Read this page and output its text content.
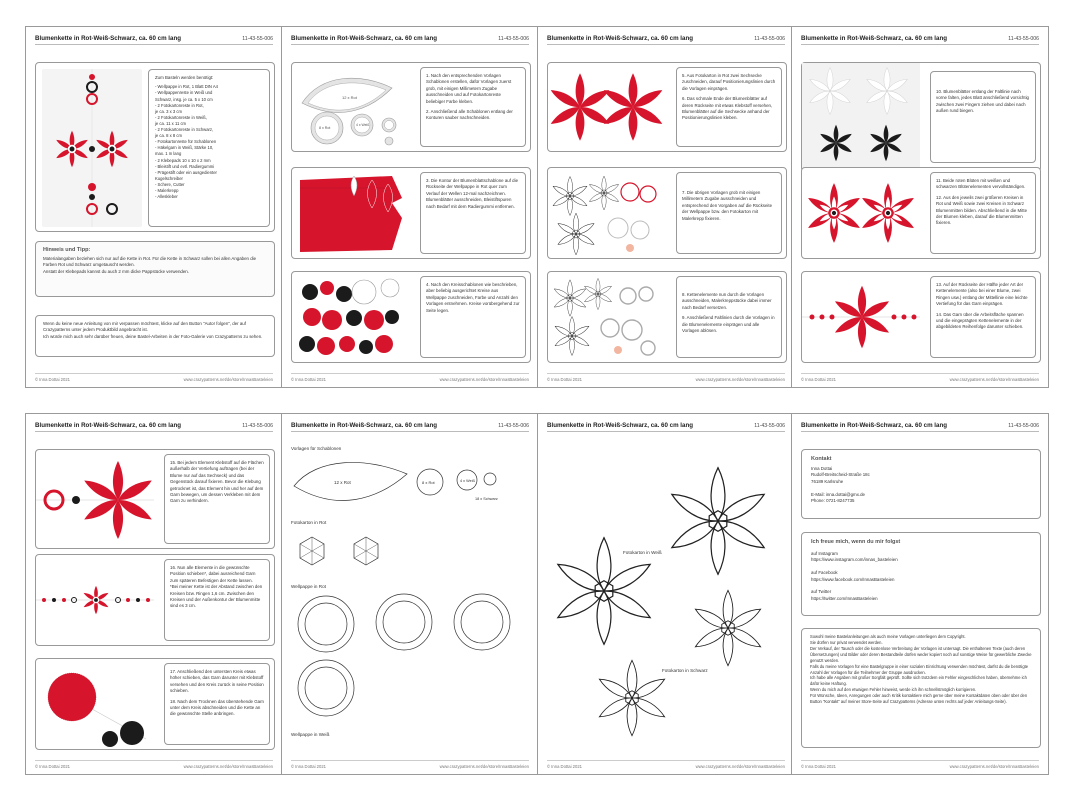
Blumenkette in Rot-Weiß-Schwarz, ca. 60 cm lang	11-43-55-006
Zum Basteln werden benötigt:
- Wellpappe in Rot, 1 Blatt DIN A4
- Wellpappenreste in Weiß und
Schwarz, insg. je ca. 5 x 10 cm
- 2 Fotokartonreste in Rot,
je ca. 3 x 3 cm
- 2 Fotokartonreste in Weiß,
je ca. 11 x 11 cm
- 2 Fotokartonreste in Schwarz,
je ca. 8 x 8 cm
- Fotokartonreste für Schablonen
- Häkelgarn in Weiß, Stärke 10,
max. 1 m lang
- 2 Klebepads 10 x 10 x 2 mm
- Bleistift und evtl. Radiergummi
- Prägestift oder ein ausgedienter
Kugelschreiber
- Schere, Cutter
- Malerkrepp
- Alleskleber
Hinweis und Tipp:
Materialangaben beziehen sich nur auf die Kette in Rot. Für die Kette in Schwarz sollen bei allen Angaben die Farben Rot und Schwarz umgetauscht werden.
Anstatt der Klebepads kannst du auch 2 mm dicke Pappstücke verwenden.
Wenn du keine neue Anleitung von mir verpassen möchtest, klicke auf den Button "Autor folgen", der auf Crazypatterns unter jedem Produktbild angebracht ist.
Ich würde mich auch sehr darüber freuen, deine Bastel-Arbeiten in der Foto-Galerie von Crazypatterns zu sehen.
© Inna Dottai 2021	www.crazypatterns.net/de/store/InnasBasteleien
Blumenkette in Rot-Weiß-Schwarz, ca. 60 cm lang	11-43-55-006
12 x Rot
8 x Rot
4 x Weiß
1. Nach den entsprechenden Vorlagen Schablonen erstellen, dafür Vorlagen zuerst grob, mit einigen Millimetern Zugabe ausschneiden und auf Fotokartonreste beliebiger Farbe kleben.
2. Anschließend alle Schablonen entlang der Konturen sauber nachschneiden.
3. Die Kontur der Blumenblattschablone auf die Rückseite der Wellpappe in Rot quer zum Verlauf der Wellen 12-mal nachzeichnen. Blumenblätter ausschneiden, Bleistiftspuren nach Bedarf mit dem Radiergummi entfernen.
4. Nach den Kreisschablonen wie beschrieben, aber beliebig ausgerichtet Kreise aus Wellpappe zuschneiden, Farbe und Anzahl den Vorlagen entnehmen. Kreise vorübergehend zur Seite legen.
© Inna Dottai 2021	www.crazypatterns.net/de/store/InnasBasteleien
Blumenkette in Rot-Weiß-Schwarz, ca. 60 cm lang	11-43-55-006
5. Aus Fotokarton in Rot zwei Sechsecke zuschneiden, darauf Positionierungslinien durch die Vorlagen einprägen.
6. Das schmale Ende der Blumenblätter auf deren Rückseite mit etwas Klebstoff versehen, Blumenblätter auf die Sechsecke anhand der Positionierungslinien kleben.
7. Die übrigen Vorlagen grob mit einigen Millimetern Zugabe ausschneiden und entsprechend den Vorgaben auf die Rückseite der Wellpappe bzw. den Fotokarton mit Malerkrepp fixieren.
8. Kettenelemente nun durch die Vorlagen ausschneiden, Malerkreppstücke dabei immer nach Bedarf versetzen.
9. Anschließend Faltlinien durch die Vorlagen in die Blumenelemente einprägen und alle Vorlagen ablösen.
© Inna Dottai 2021	www.crazypatterns.net/de/store/InnasBasteleien
Blumenkette in Rot-Weiß-Schwarz, ca. 60 cm lang	11-43-55-006
10. Blumenblätter entlang der Faltlinie nach vorne falten, jedes Blatt anschließend vorsichtig zwischen zwei Fingern ziehen und dabei nach außen rund biegen.
11. Beide roten Blüten mit weißen und schwarzen Blütenelementen vervollständigen.
12. Aus den jeweils zwei größeren Kreisen in Rot und Weiß sowie zwei Kreisen in Schwarz Blumenmitten bilden. Abschließend in die Mitte der Blumen kleben, darauf die Blumenmitten fixieren.
13. Auf der Rückseite der Hälfte jeder Art der Kettenelemente (also bei einer Blume, zwei Ringen usw.) entlang der Mittellinie eine leichte Vertiefung für das Garn einprägen.
14. Das Garn über die Arbeitsfläche spannen und die eingeprägten Kettenelemente in der abgebildeten Reihenfolge darunter schieben.
© Inna Dottai 2021	www.crazypatterns.net/de/store/InnasBasteleien
Blumenkette in Rot-Weiß-Schwarz, ca. 60 cm lang	11-43-55-006
15. Bei jedem Element Klebstoff auf die Flächen außerhalb der Vertiefung auftragen (bei der Blume nur auf das Sechseck) und das Gegenstück darauf fixieren. Bevor die Klebung getrocknet ist, das Element hin und her auf dem Garn bewegen, um dessen Verkleben mit dem Garn zu verhindern.
16. Nun alle Elemente in die gewünschte Position schieben*, dabei ausreichend Garn zum späteren Befestigen der Kette lassen.
*Bei meiner Kette ist der Abstand zwischen den Kreisen bzw. Ringen 1,6 cm. Zwischen den Kreisen und der Außenkontur der Blumenmitte sind es 3 cm.
17. Anschließend den untersten Kreis etwas höher schieben, das Garn darunter mit Klebstoff versehen und den Kreis zurück in seine Position schieben.
18. Nach dem Trocknen das überstehende Garn unter dem Kreis abschneiden und die Kette an die gewünschte Stelle anbringen.
© Inna Dottai 2021	www.crazypatterns.net/de/store/InnasBasteleien
Blumenkette in Rot-Weiß-Schwarz, ca. 60 cm lang	11-43-55-006
Vorlagen für Schablonen
12 x Rot	8 x Rot	4 x Weiß
18 x Schwarz
Fotokarton in Rot
Wellpappe in Rot
Wellpappe in Weiß
© Inna Dottai 2021	www.crazypatterns.net/de/store/InnasBasteleien
Blumenkette in Rot-Weiß-Schwarz, ca. 60 cm lang	11-43-55-006
Fotokarton in Weiß
Fotokarton in Schwarz
© Inna Dottai 2021	www.crazypatterns.net/de/store/InnasBasteleien
Blumenkette in Rot-Weiß-Schwarz, ca. 60 cm lang	11-43-55-006
Kontakt
Inna Dottai
Rudolf-Breitscheid-Straße 18c
76189 Karlsruhe

E-Mail: inna.dottai@gmx.de
Phone: 0721-8247735
Ich freue mich, wenn du mir folgst
auf Instagram
https://www.instagram.com/innas_basteleien

auf Facebook
https://www.facebook.com/InnasBasteleien

auf Twitter
https://twitter.com/InnasBasteleien
Sowohl meine Bastelanleitungen als auch meine Vorlagen unterliegen dem Copyright.
Sie dürfen nur privat verwendet werden.
Der Verkauf, der Tausch oder die kostenlose Verbreitung der Vorlagen ist untersagt. Die enthaltenen Texte (auch deren Übersetzungen) und Bilder oder deren Bestandteile dürfen weder kopiert noch auf sonstige Weise für gewerbliche Zwecke genutzt werden.
Falls du meine Vorlagen für eine Bastelgruppe in einer sozialen Einrichtung verwenden möchtest, darfst du die benötigte Anzahl der Vorlagen für die Teilnehmer der Gruppe ausdrucken.
Ich habe alle Angaben mit großer Sorgfalt geprüft. Sollte sich trotzdem ein Fehler eingeschlichen haben, übernehme ich dafür keine Haftung.
Wenn du mich auf den etwaigen Fehler hinweist, werde ich ihn schnellstmöglich korrigieren.
Für Wünsche, Ideen, Anregungen oder auch Kritik kontaktiere mich gerne über meine Kontaktdaten oben oder über den Button "Kontakt" auf meiner Store-Seite auf Crazypatterns (Adresse unten rechts auf jeder Anleitungs-Seite).
© Inna Dottai 2021	www.crazypatterns.net/de/store/InnasBasteleien
